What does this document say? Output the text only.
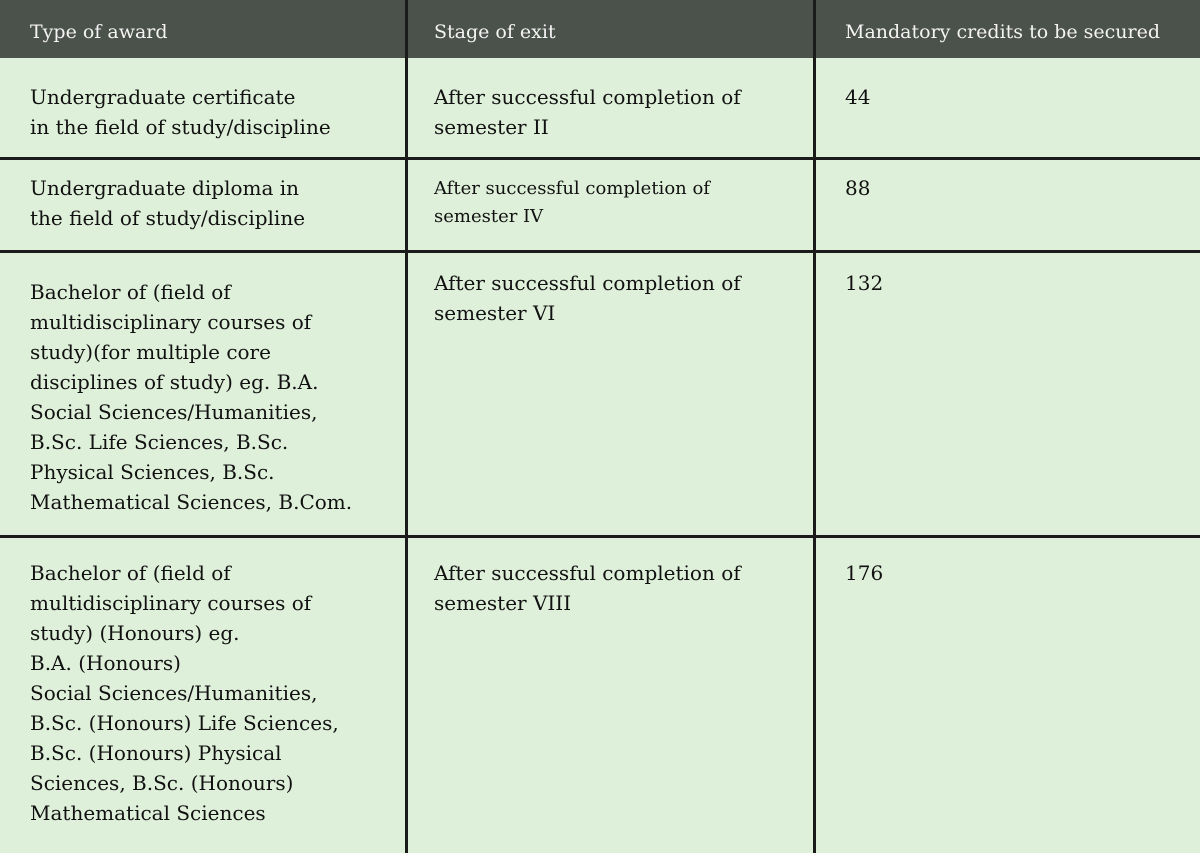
Type of award	Stage of exit	Mandatory credits to be secured
Undergraduate certificate
in the field of study/discipline
After successful completion of
semester II
44
Undergraduate diploma in
the field of study/discipline
After successful completion of
semester IV
88
Bachelor of (field of
multidisciplinary courses of
study)(for multiple core
disciplines of study) eg. B.A.
Social Sciences/Humanities,
B.Sc. Life Sciences, B.Sc.
Physical Sciences, B.Sc.
Mathematical Sciences, B.Com.
After successful completion of
semester VI
132
Bachelor of (field of
multidisciplinary courses of
study) (Honours) eg.
B.A. (Honours)
Social Sciences/Humanities,
B.Sc. (Honours) Life Sciences,
B.Sc. (Honours) Physical
Sciences, B.Sc. (Honours)
Mathematical Sciences
After successful completion of
semester VIII
176
